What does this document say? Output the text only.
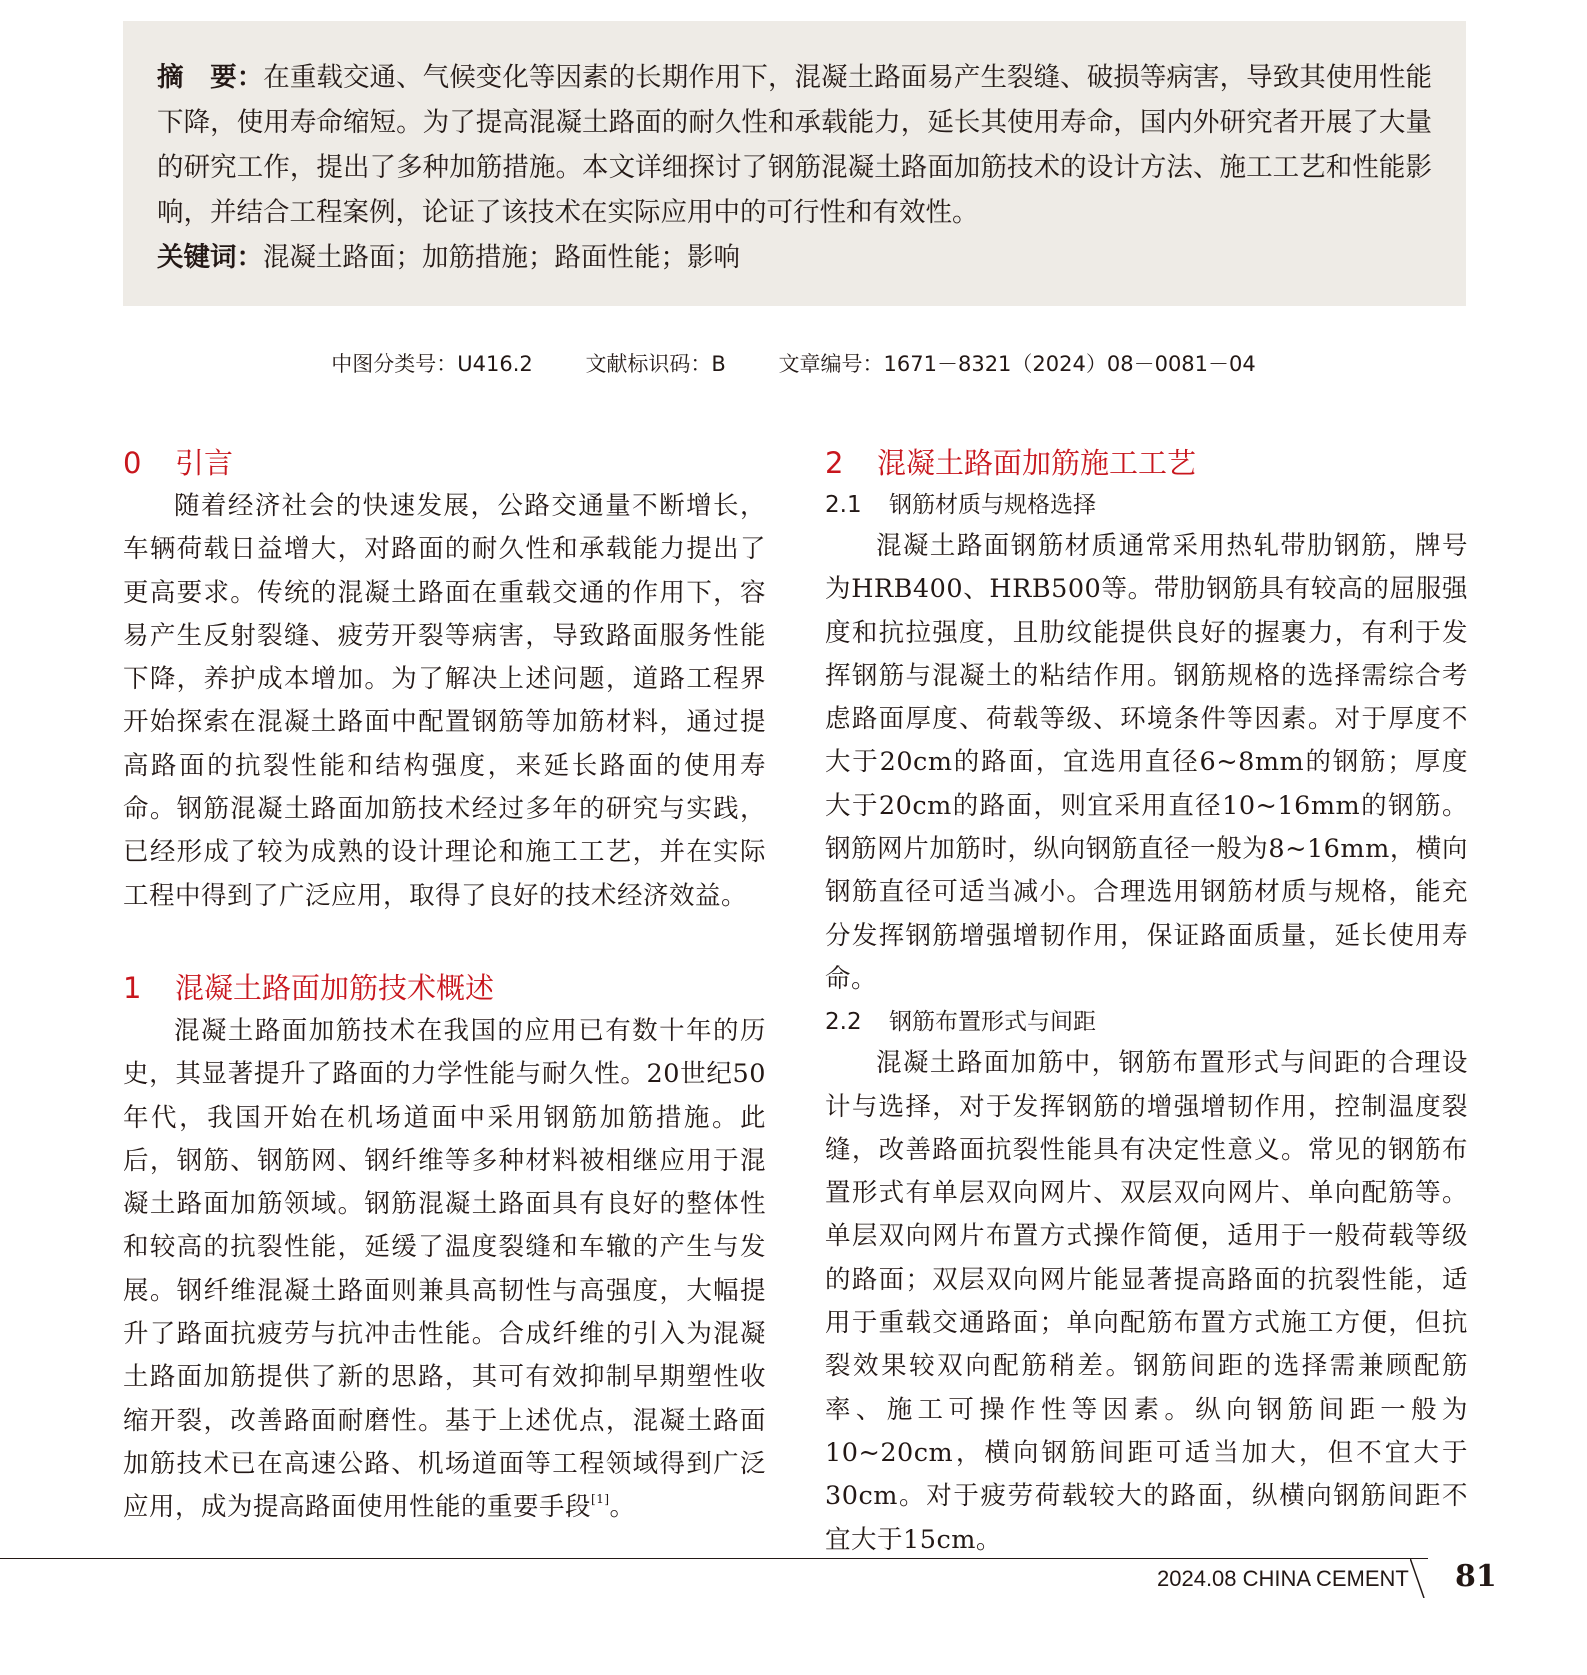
摘　要：在重载交通、气候变化等因素的长期作用下，混凝土路面易产生裂缝、破损等病害，导致其使用性能下降，使用寿命缩短。为了提高混凝土路面的耐久性和承载能力，延长其使用寿命，国内外研究者开展了大量的研究工作，提出了多种加筋措施。本文详细探讨了钢筋混凝土路面加筋技术的设计方法、施工工艺和性能影响，并结合工程案例，论证了该技术在实际应用中的可行性和有效性。

关键词：混凝土路面；加筋措施；路面性能；影响

中图分类号：U416.2	文献标识码：B	文章编号：1671－8321（2024）08－0081－04
0 引言

随着经济社会的快速发展，公路交通量不断增长，车辆荷载日益增大，对路面的耐久性和承载能力提出了更高要求。传统的混凝土路面在重载交通的作用下，容易产生反射裂缝、疲劳开裂等病害，导致路面服务性能下降，养护成本增加。为了解决上述问题，道路工程界开始探索在混凝土路面中配置钢筋等加筋材料，通过提高路面的抗裂性能和结构强度，来延长路面的使用寿命。钢筋混凝土路面加筋技术经过多年的研究与实践，已经形成了较为成熟的设计理论和施工工艺，并在实际工程中得到了广泛应用，取得了良好的技术经济效益。

1 混凝土路面加筋技术概述

混凝土路面加筋技术在我国的应用已有数十年的历史，其显著提升了路面的力学性能与耐久性。20世纪50年代，我国开始在机场道面中采用钢筋加筋措施。此后，钢筋、钢筋网、钢纤维等多种材料被相继应用于混凝土路面加筋领域。钢筋混凝土路面具有良好的整体性和较高的抗裂性能，延缓了温度裂缝和车辙的产生与发展。钢纤维混凝土路面则兼具高韧性与高强度，大幅提升了路面抗疲劳与抗冲击性能。合成纤维的引入为混凝土路面加筋提供了新的思路，其可有效抑制早期塑性收缩开裂，改善路面耐磨性。基于上述优点，混凝土路面加筋技术已在高速公路、机场道面等工程领域得到广泛应用，成为提高路面使用性能的重要手段[1]。

2 混凝土路面加筋施工工艺
2.1 钢筋材质与规格选择

混凝土路面钢筋材质通常采用热轧带肋钢筋，牌号为HRB400、HRB500等。带肋钢筋具有较高的屈服强度和抗拉强度，且肋纹能提供良好的握裹力，有利于发挥钢筋与混凝土的粘结作用。钢筋规格的选择需综合考虑路面厚度、荷载等级、环境条件等因素。对于厚度不大于20cm的路面，宜选用直径6~8mm的钢筋；厚度大于20cm的路面，则宜采用直径10~16mm的钢筋。钢筋网片加筋时，纵向钢筋直径一般为8~16mm，横向钢筋直径可适当减小。合理选用钢筋材质与规格，能充分发挥钢筋增强增韧作用，保证路面质量，延长使用寿命。

2.2 钢筋布置形式与间距

混凝土路面加筋中，钢筋布置形式与间距的合理设计与选择，对于发挥钢筋的增强增韧作用，控制温度裂缝，改善路面抗裂性能具有决定性意义。常见的钢筋布置形式有单层双向网片、双层双向网片、单向配筋等。单层双向网片布置方式操作简便，适用于一般荷载等级的路面；双层双向网片能显著提高路面的抗裂性能，适用于重载交通路面；单向配筋布置方式施工方便，但抗裂效果较双向配筋稍差。钢筋间距的选择需兼顾配筋率、施工可操作性等因素。纵向钢筋间距一般为10~20cm，横向钢筋间距可适当加大，但不宜大于30cm。对于疲劳荷载较大的路面，纵横向钢筋间距不宜大于15cm。

2024.08 CHINA CEMENT 81
